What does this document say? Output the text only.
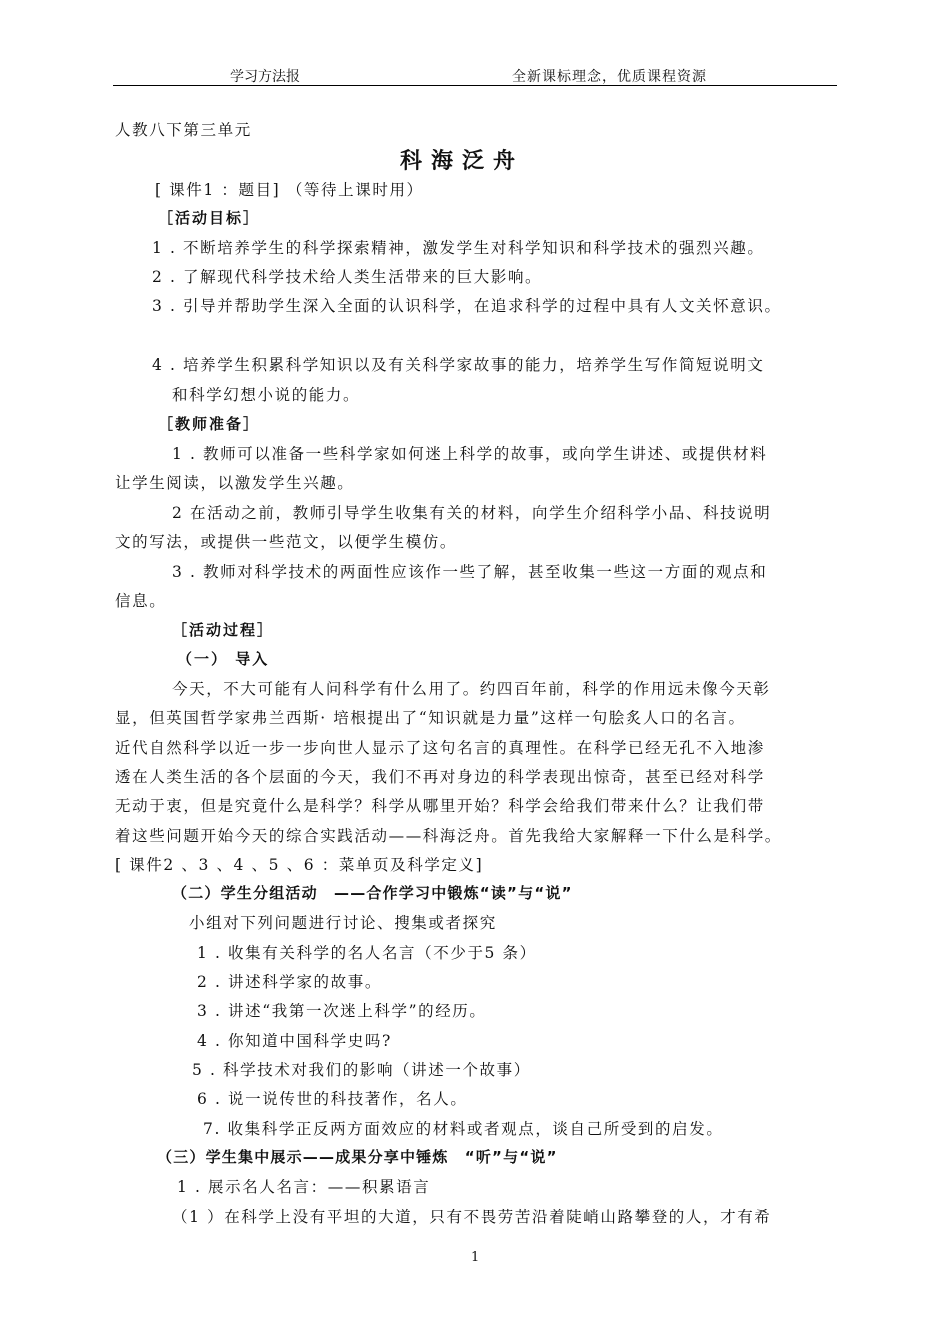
学习方法报	全新课标理念，优质课程资源
人教八下第三单元
科海泛舟
[ 课件1 ：题目] （等待上课时用）
［活动目标］
1 . 不断培养学生的科学探索精神，激发学生对科学知识和科学技术的强烈兴趣。
2 . 了解现代科学技术给人类生活带来的巨大影响。
3 . 引导并帮助学生深入全面的认识科学，在追求科学的过程中具有人文关怀意识。
4 . 培养学生积累科学知识以及有关科学家故事的能力，培养学生写作简短说明文
和科学幻想小说的能力。
［教师准备］
1 . 教师可以准备一些科学家如何迷上科学的故事，或向学生讲述、或提供材料
让学生阅读，以激发学生兴趣。
2 在活动之前，教师引导学生收集有关的材料，向学生介绍科学小品、科技说明
文的写法，或提供一些范文，以便学生模仿。
3 . 教师对科学技术的两面性应该作一些了解，甚至收集一些这一方面的观点和
信息。
［活动过程］
（一） 导入
今天，不大可能有人问科学有什么用了。约四百年前，科学的作用远未像今天彰
显，但英国哲学家弗兰西斯· 培根提出了“知识就是力量”这样一句脍炙人口的名言。
近代自然科学以近一步一步向世人显示了这句名言的真理性。在科学已经无孔不入地渗
透在人类生活的各个层面的今天，我们不再对身边的科学表现出惊奇，甚至已经对科学
无动于衷，但是究竟什么是科学？科学从哪里开始？科学会给我们带来什么？让我们带
着这些问题开始今天的综合实践活动——科海泛舟。首先我给大家解释一下什么是科学。
[ 课件2 、3 、4 、5 、6 ：菜单页及科学定义]
（二）学生分组活动　——合作学习中锻炼“读”与“说”
小组对下列问题进行讨论、搜集或者探究
1 . 收集有关科学的名人名言（不少于5 条）
2 . 讲述科学家的故事。
3 . 讲述“我第一次迷上科学”的经历。
4 . 你知道中国科学史吗?
5 . 科学技术对我们的影响（讲述一个故事）
6 . 说一说传世的科技著作，名人。
7. 收集科学正反两方面效应的材料或者观点，谈自己所受到的启发。
（三）学生集中展示——成果分享中锤炼　“听”与“说”
1 . 展示名人名言：——积累语言
（1 ）在科学上没有平坦的大道，只有不畏劳苦沿着陡峭山路攀登的人，才有希
1
